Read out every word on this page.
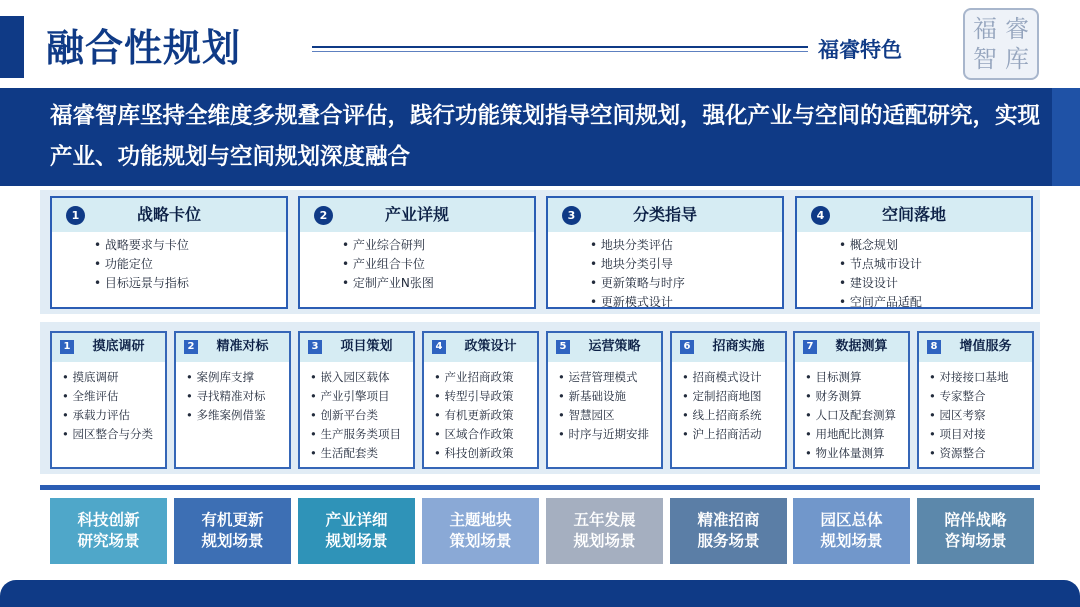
融合性规划	福睿特色
福 睿
智 库
福睿智库坚持全维度多规叠合评估，践行功能策划指导空间规划，强化产业与空间的适配研究，实现产业、功能规划与空间规划深度融合
1	战略卡位
• 战略要求与卡位
• 功能定位
• 目标远景与指标
2	产业详规
• 产业综合研判
• 产业组合卡位
• 定制产业N张图
3	分类指导
• 地块分类评估
• 地块分类引导
• 更新策略与时序
• 更新模式设计
4	空间落地
• 概念规划
• 节点城市设计
• 建设设计
• 空间产品适配
1	摸底调研
• 摸底调研
• 全维评估
• 承载力评估
• 园区整合与分类
2	精准对标
• 案例库支撑
• 寻找精准对标
• 多维案例借鉴
3	项目策划
• 嵌入园区载体
• 产业引擎项目
• 创新平台类
• 生产服务类项目
• 生活配套类
4	政策设计
• 产业招商政策
• 转型引导政策
• 有机更新政策
• 区域合作政策
• 科技创新政策
5	运营策略
• 运营管理模式
• 新基础设施
• 智慧园区
• 时序与近期安排
6	招商实施
• 招商模式设计
• 定制招商地图
• 线上招商系统
• 沪上招商活动
7	数据测算
• 目标测算
• 财务测算
• 人口及配套测算
• 用地配比测算
• 物业体量测算
8	增值服务
• 对接接口基地
• 专家整合
• 园区考察
• 项目对接
• 资源整合
科技创新
研究场景
有机更新
规划场景
产业详细
规划场景
主题地块
策划场景
五年发展
规划场景
精准招商
服务场景
园区总体
规划场景
陪伴战略
咨询场景
